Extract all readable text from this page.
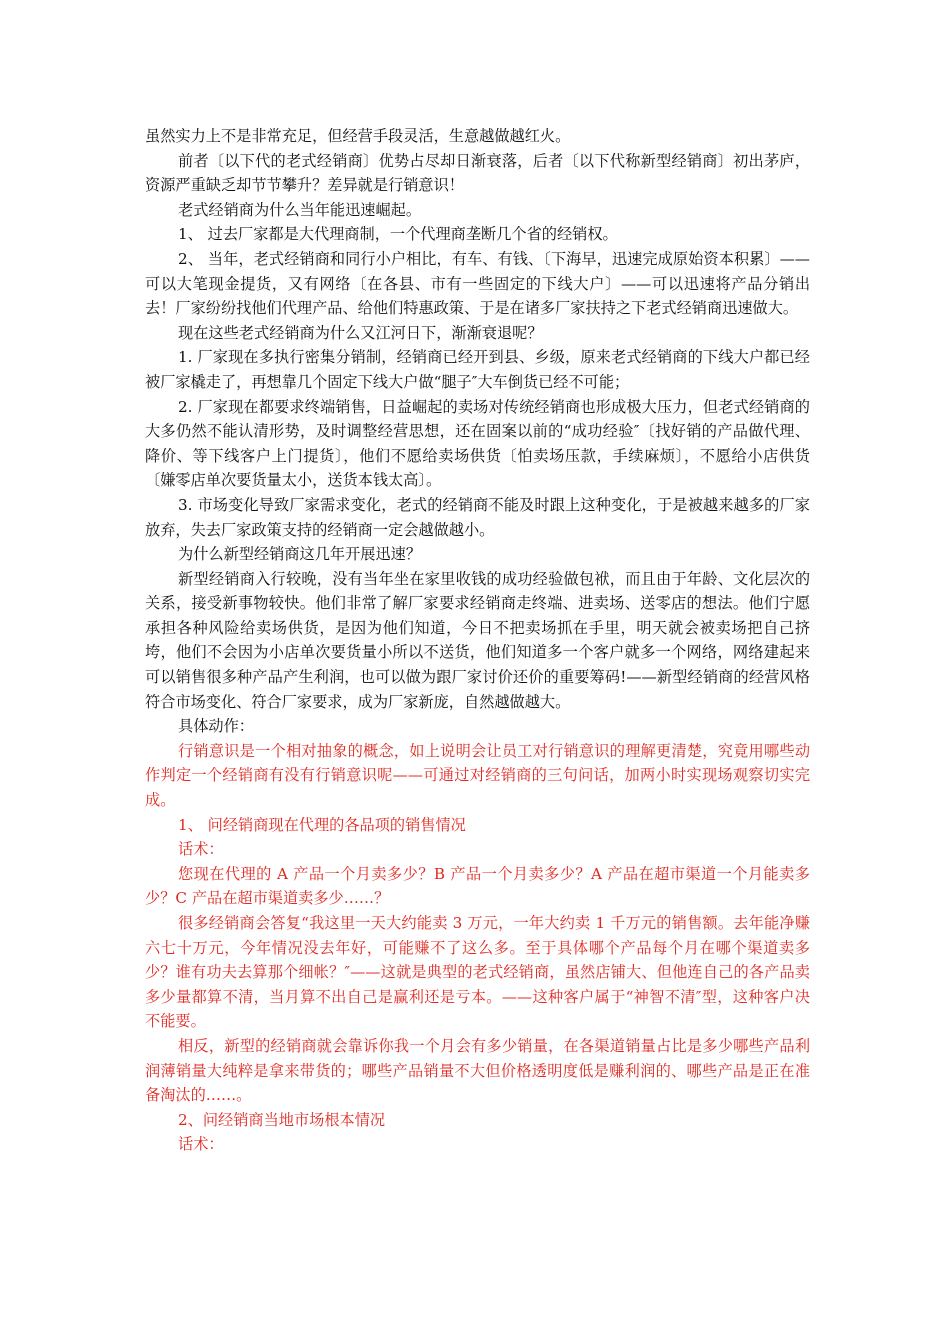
虽然实力上不是非常充足，但经营手段灵活，生意越做越红火。

前者〔以下代的老式经销商〕优势占尽却日渐衰落，后者〔以下代称新型经销商〕初出茅庐，资源严重缺乏却节节攀升？差异就是行销意识！

老式经销商为什么当年能迅速崛起。

1、 过去厂家都是大代理商制，一个代理商垄断几个省的经销权。

2、 当年，老式经销商和同行小户相比，有车、有钱、〔下海早，迅速完成原始资本积累〕——可以大笔现金提货，又有网络〔在各县、市有一些固定的下线大户〕——可以迅速将产品分销出去！厂家纷纷找他们代理产品、给他们特惠政策、于是在诸多厂家扶持之下老式经销商迅速做大。

现在这些老式经销商为什么又江河日下，渐渐衰退呢？

1. 厂家现在多执行密集分销制，经销商已经开到县、乡级，原来老式经销商的下线大户都已经被厂家橇走了，再想靠几个固定下线大户做“腿子″大车倒货已经不可能；

2. 厂家现在都要求终端销售，日益崛起的卖场对传统经销商也形成极大压力，但老式经销商的大多仍然不能认清形势，及时调整经营思想，还在固案以前的“成功经验″〔找好销的产品做代理、降价、等下线客户上门提货〕，他们不愿给卖场供货〔怕卖场压款，手续麻烦〕，不愿给小店供货〔嫌零店单次要货量太小，送货本钱太高〕。

3. 市场变化导致厂家需求变化，老式的经销商不能及时跟上这种变化，于是被越来越多的厂家放弃，失去厂家政策支持的经销商一定会越做越小。

为什么新型经销商这几年开展迅速？

新型经销商入行较晚，没有当年坐在家里收钱的成功经验做包袱，而且由于年龄、文化层次的关系，接受新事物较快。他们非常了解厂家要求经销商走终端、进卖场、送零店的想法。他们宁愿承担各种风险给卖场供货，是因为他们知道，今日不把卖场抓在手里，明天就会被卖场把自己挤垮，他们不会因为小店单次要货量小所以不送货，他们知道多一个客户就多一个网络，网络建起来可以销售很多种产品产生利润，也可以做为跟厂家讨价还价的重要筹码!——新型经销商的经营风格符合市场变化、符合厂家要求，成为厂家新庞，自然越做越大。

具体动作：

行销意识是一个相对抽象的概念，如上说明会让员工对行销意识的理解更清楚，究竟用哪些动作判定一个经销商有没有行销意识呢——可通过对经销商的三句问话，加两小时实现场观察切实完成。

1、 问经销商现在代理的各品项的销售情况

话术：

您现在代理的 A 产品一个月卖多少？B 产品一个月卖多少？A 产品在超市渠道一个月能卖多少？C 产品在超市渠道卖多少……？

很多经销商会答复“我这里一天大约能卖 3 万元，一年大约卖 1 千万元的销售额。去年能净赚六七十万元，今年情况没去年好，可能赚不了这么多。至于具体哪个产品每个月在哪个渠道卖多少？谁有功夫去算那个细帐？″——这就是典型的老式经销商，虽然店铺大、但他连自己的各产品卖多少量都算不清，当月算不出自己是赢利还是亏本。——这种客户属于“神智不清″型，这种客户决不能要。

相反，新型的经销商就会靠诉你我一个月会有多少销量，在各渠道销量占比是多少哪些产品利润薄销量大纯粹是拿来带货的；哪些产品销量不大但价格透明度低是赚利润的、哪些产品是正在准备淘汰的……。

2、问经销商当地市场根本情况

话术：
